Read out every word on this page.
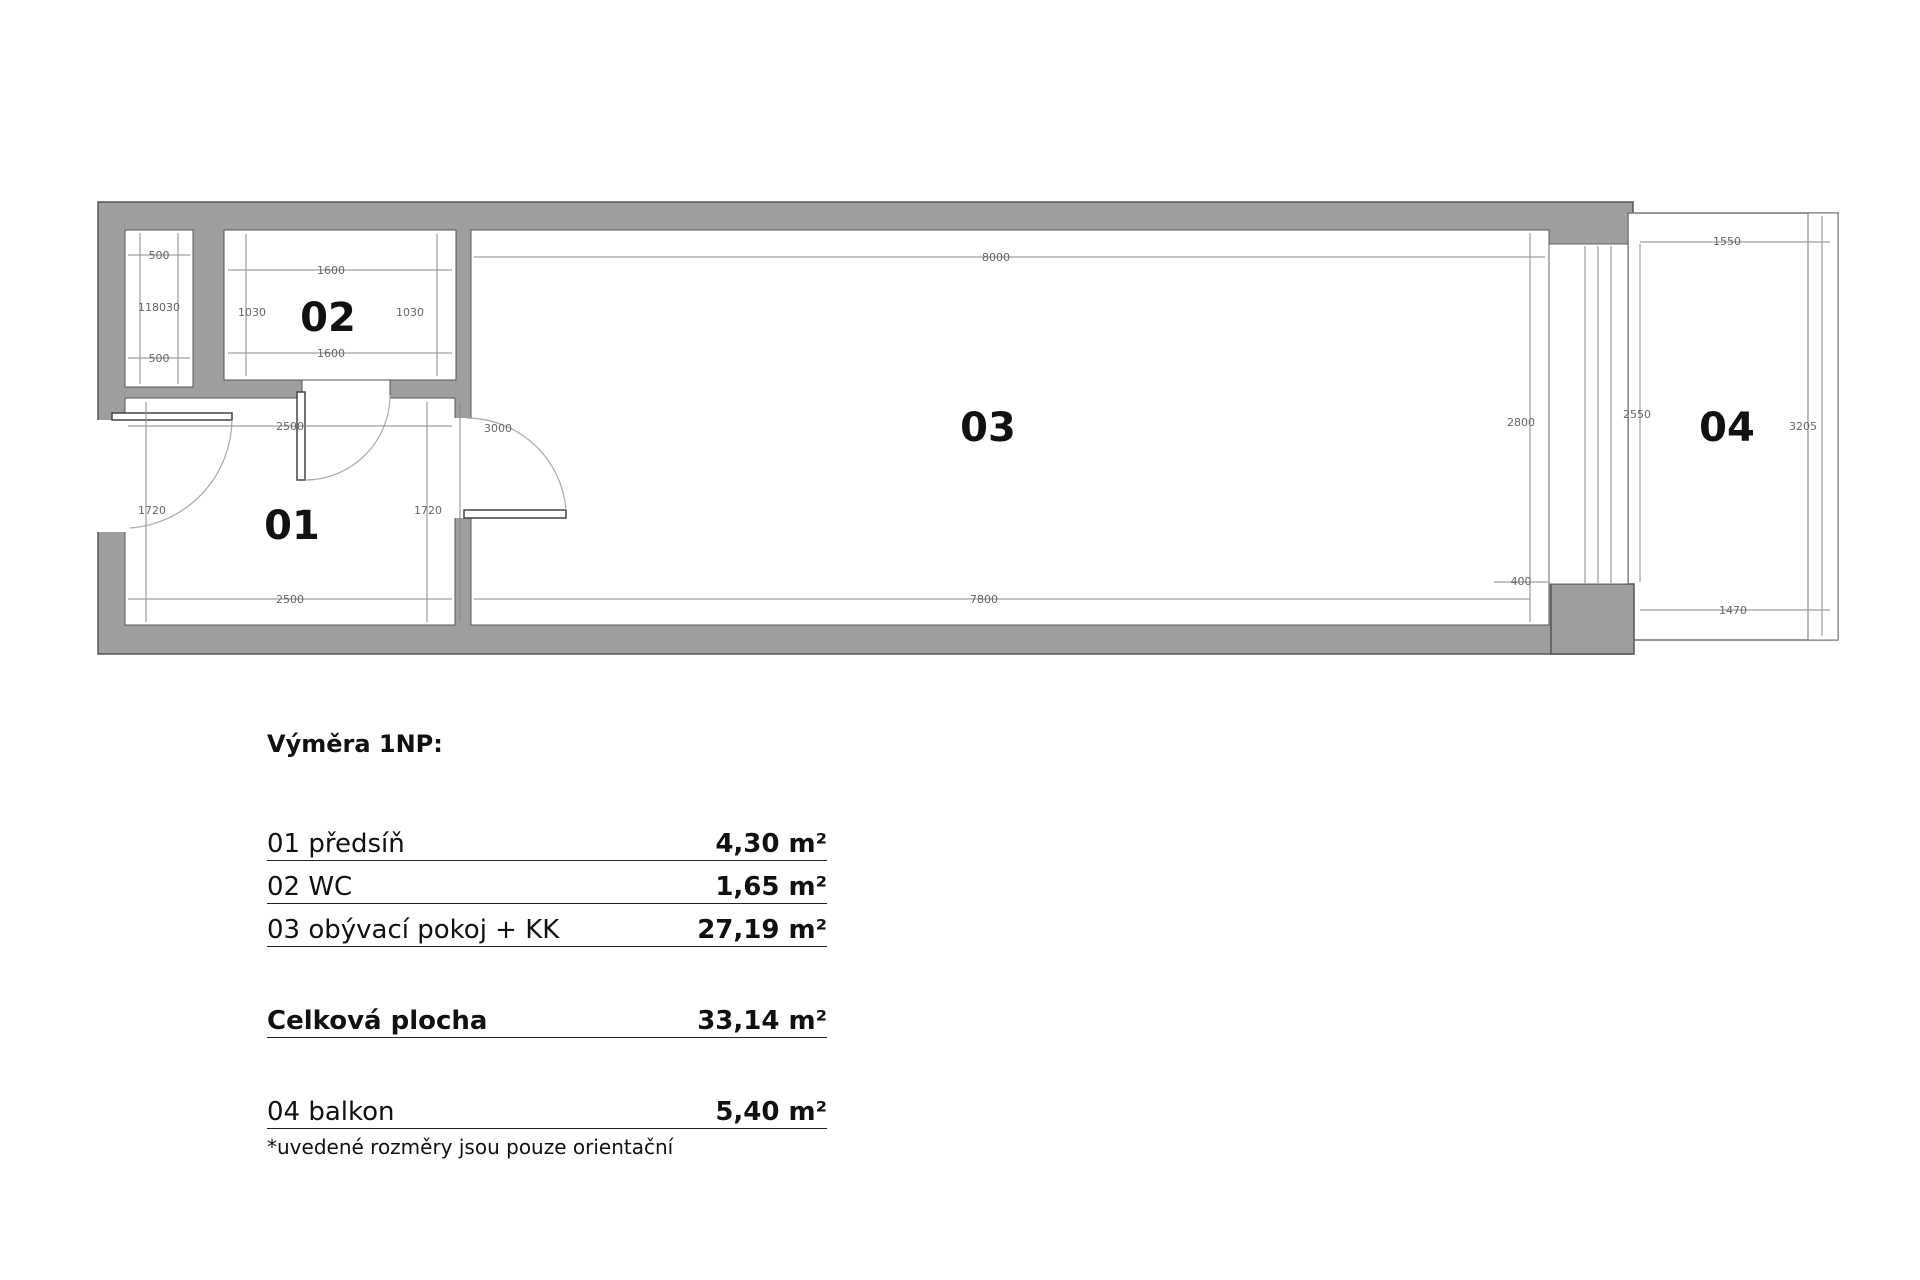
500
118030
500
1600
1600
1030	1030
2500
2500
1720	1720
3000
8000
7800
2800
400
2550
1550
1470
3205
02
01
03	04
Výměra 1NP:
01 předsíň	4,30 m²
02 WC	1,65 m²
03 obývací pokoj + KK	27,19 m²
Celková plocha	33,14 m²
04 balkon	5,40 m²
*uvedené rozměry jsou pouze orientační
